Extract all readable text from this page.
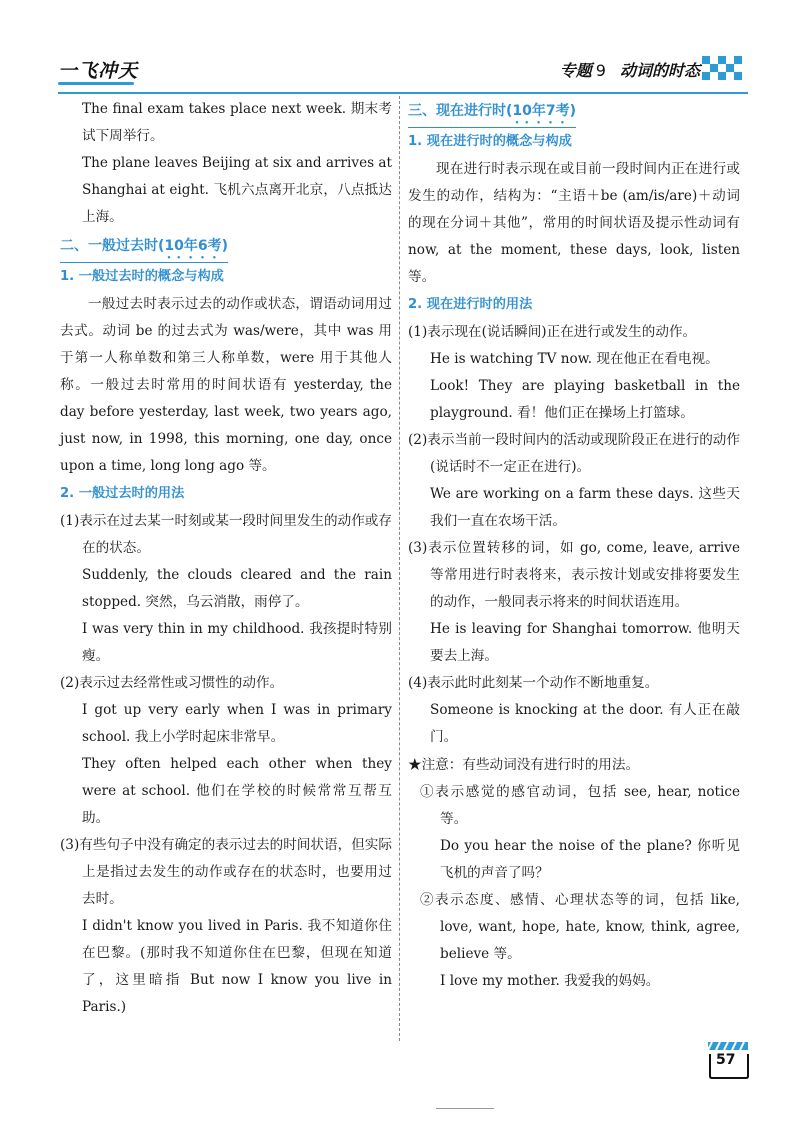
一飞冲天	专题 9 动词的时态

The final exam takes place next week. 期末考试下周举行。

The plane leaves Beijing at six and arrives at Shanghai at eight. 飞机六点离开北京，八点抵达上海。

二、一般过去时(10年6考)

1. 一般过去时的概念与构成

一般过去时表示过去的动作或状态，谓语动词用过去式。动词 be 的过去式为 was/were，其中 was 用于第一人称单数和第三人称单数，were 用于其他人称。一般过去时常用的时间状语有 yesterday, the day before yesterday, last week, two years ago, just now, in 1998, this morning, one day, once upon a time, long long ago 等。

2. 一般过去时的用法

(1)表示在过去某一时刻或某一段时间里发生的动作或存在的状态。

Suddenly, the clouds cleared and the rain stopped. 突然，乌云消散，雨停了。

I was very thin in my childhood. 我孩提时特别瘦。

(2)表示过去经常性或习惯性的动作。

I got up very early when I was in primary school. 我上小学时起床非常早。

They often helped each other when they were at school. 他们在学校的时候常常互帮互助。

(3)有些句子中没有确定的表示过去的时间状语，但实际上是指过去发生的动作或存在的状态时，也要用过去时。

I didn't know you lived in Paris. 我不知道你住在巴黎。(那时我不知道你住在巴黎，但现在知道了，这里暗指 But now I know you live in Paris.)

三、现在进行时(10年7考)

1. 现在进行时的概念与构成

现在进行时表示现在或目前一段时间内正在进行或发生的动作，结构为：“主语＋be (am/is/are)＋动词的现在分词＋其他”，常用的时间状语及提示性动词有 now, at the moment, these days, look, listen 等。

2. 现在进行时的用法

(1)表示现在(说话瞬间)正在进行或发生的动作。

He is watching TV now. 现在他正在看电视。

Look! They are playing basketball in the playground. 看！他们正在操场上打篮球。

(2)表示当前一段时间内的活动或现阶段正在进行的动作(说话时不一定正在进行)。

We are working on a farm these days. 这些天我们一直在农场干活。

(3)表示位置转移的词，如 go, come, leave, arrive 等常用进行时表将来，表示按计划或安排将要发生的动作，一般同表示将来的时间状语连用。

He is leaving for Shanghai tomorrow. 他明天要去上海。

(4)表示此时此刻某一个动作不断地重复。

Someone is knocking at the door. 有人正在敲门。

★注意：有些动词没有进行时的用法。

①表示感觉的感官动词，包括 see, hear, notice 等。

Do you hear the noise of the plane? 你听见飞机的声音了吗？

②表示态度、感情、心理状态等的词，包括 like, love, want, hope, hate, know, think, agree, believe 等。

I love my mother. 我爱我的妈妈。

57
